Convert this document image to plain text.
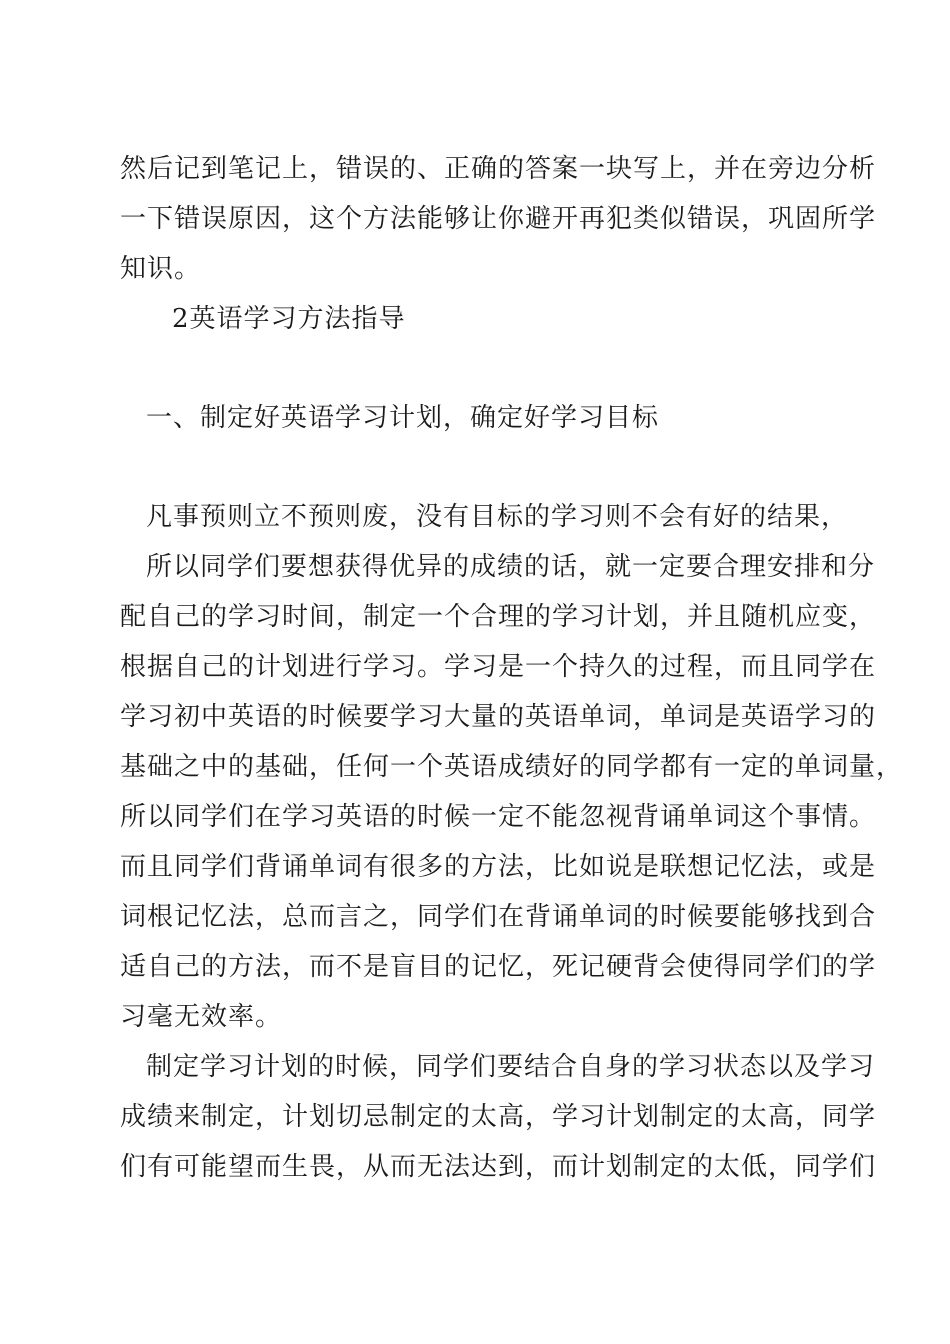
然后记到笔记上，错误的、正确的答案一块写上，并在旁边分析
一下错误原因，这个方法能够让你避开再犯类似错误，巩固所学
知识。
2英语学习方法指导
一、制定好英语学习计划，确定好学习目标
凡事预则立不预则废，没有目标的学习则不会有好的结果，
所以同学们要想获得优异的成绩的话，就一定要合理安排和分
配自己的学习时间，制定一个合理的学习计划，并且随机应变，
根据自己的计划进行学习。学习是一个持久的过程，而且同学在
学习初中英语的时候要学习大量的英语单词，单词是英语学习的
基础之中的基础，任何一个英语成绩好的同学都有一定的单词量，
所以同学们在学习英语的时候一定不能忽视背诵单词这个事情。
而且同学们背诵单词有很多的方法，比如说是联想记忆法，或是
词根记忆法，总而言之，同学们在背诵单词的时候要能够找到合
适自己的方法，而不是盲目的记忆，死记硬背会使得同学们的学
习毫无效率。
制定学习计划的时候，同学们要结合自身的学习状态以及学习
成绩来制定，计划切忌制定的太高，学习计划制定的太高，同学
们有可能望而生畏，从而无法达到，而计划制定的太低，同学们
